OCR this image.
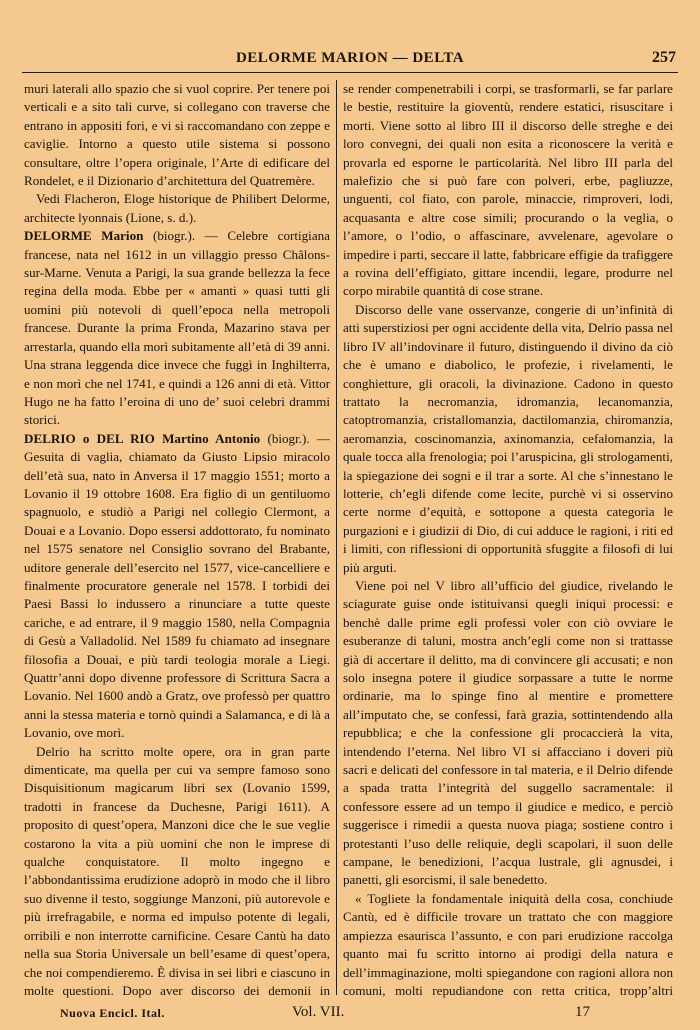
DELORME MARION — DELTA	257

muri laterali allo spazio che si vuol coprire. Per tenere poi verticali e a sito tali curve, si collegano con traverse che entrano in appositi fori, e vi si raccomandano con zeppe e caviglie. Intorno a questo utile sistema si possono consultare, oltre l’opera originale, l’Arte di edificare del Rondelet, e il Dizionario d’architettura del Quatremère.

Vedi Flacheron, Eloge historique de Philibert Delorme, architecte lyonnais (Lione, s. d.).

DELORME Marion (biogr.). — Celebre cortigiana francese, nata nel 1612 in un villaggio presso Châlons-sur-Marne. Venuta a Parigi, la sua grande bellezza la fece regina della moda. Ebbe per « amanti » quasi tutti gli uomini più notevoli di quell’epoca nella metropoli francese. Durante la prima Fronda, Mazarino stava per arrestarla, quando ella morì subitamente all’età di 39 anni. Una strana leggenda dice invece che fuggì in Inghilterra, e non morì che nel 1741, e quindi a 126 anni di età. Vittor Hugo ne ha fatto l’eroina di uno de’ suoi celebri drammi storici.

DELRIO o DEL RIO Martino Antonio (biogr.). — Gesuita di vaglia, chiamato da Giusto Lipsio miracolo dell’età sua, nato in Anversa il 17 maggio 1551; morto a Lovanio il 19 ottobre 1608. Era figlio di un gentiluomo spagnuolo, e studiò a Parigi nel collegio Clermont, a Douai e a Lovanio. Dopo essersi addottorato, fu nominato nel 1575 senatore nel Consiglio sovrano del Brabante, uditore generale dell’esercito nel 1577, vice-cancelliere e finalmente procuratore generale nel 1578. I torbidi dei Paesi Bassi lo indussero a rinunciare a tutte queste cariche, e ad entrare, il 9 maggio 1580, nella Compagnia di Gesù a Valladolid. Nel 1589 fu chiamato ad insegnare filosofia a Douai, e più tardi teologia morale a Liegi. Quattr’anni dopo divenne professore di Scrittura Sacra a Lovanio. Nel 1600 andò a Gratz, ove professò per quattro anni la stessa materia e tornò quindi a Salamanca, e di là a Lovanio, ove morì.

Delrio ha scritto molte opere, ora in gran parte dimenticate, ma quella per cui va sempre famoso sono Disquisitionum magicarum libri sex (Lovanio 1599, tradotti in francese da Duchesne, Parigi 1611). A proposito di quest’opera, Manzoni dice che le sue veglie costarono la vita a più uomini che non le imprese di qualche conquistatore. Il molto ingegno e l’abbondantissima erudizione adoprò in modo che il libro suo divenne il testo, soggiunge Manzoni, più autorevole e più irrefragabile, e norma ed impulso potente di legali, orribili e non interrotte carnificine. Cesare Cantù ha dato nella sua Storia Universale un bell’esame di quest’opera, che noi compendieremo. È divisa in sei libri e ciascuno in molte questioni. Dopo aver discorso dei demonii in

se render compenetrabili i corpi, se trasformarli, se far parlare le bestie, restituire la gioventù, rendere estatici, risuscitare i morti. Viene sotto al libro III il discorso delle streghe e dei loro convegni, dei quali non esita a riconoscere la verità e provarla ed esporne le particolarità. Nel libro III parla del malefizio che si può fare con polveri, erbe, pagliuzze, unguenti, col fiato, con parole, minaccie, rimproveri, lodi, acquasanta e altre cose simili; procurando o la veglia, o l’amore, o l’odio, o affascinare, avvelenare, agevolare o impedire i parti, seccare il latte, fabbricare effigie da trafiggere a rovina dell’effigiato, gittare incendii, legare, produrre nel corpo mirabile quantità di cose strane.

Discorso delle vane osservanze, congerie di un’infinità di atti superstiziosi per ogni accidente della vita, Delrio passa nel libro IV all’indovinare il futuro, distinguendo il divino da ciò che è umano e diabolico, le profezie, i rivelamenti, le conghietture, gli oracoli, la divinazione. Cadono in questo trattato la necromanzia, idromanzia, lecanomanzia, catoptromanzia, cristallomanzia, dactilomanzia, chiromanzia, aeromanzia, coscinomanzia, axinomanzia, cefalomanzia, la quale tocca alla frenologia; poi l’aruspicina, gli strologamenti, la spiegazione dei sogni e il trar a sorte. Al che s’innestano le lotterie, ch’egli difende come lecite, purchè vi si osservino certe norme d’equità, e sottopone a questa categoria le purgazioni e i giudizii di Dio, di cui adduce le ragioni, i riti ed i limiti, con riflessioni di opportunità sfuggite a filosofi di lui più arguti.

Viene poi nel V libro all’ufficio del giudice, rivelando le sciagurate guise onde istituivansi quegli iniqui processi: e benchè dalle prime egli professi voler con ciò ovviare le esuberanze di taluni, mostra anch’egli come non si trattasse già di accertare il delitto, ma di convincere gli accusati; e non solo insegna potere il giudice sorpassare a tutte le norme ordinarie, ma lo spinge fino al mentire e promettere all’imputato che, se confessi, farà grazia, sottintendendo alla repubblica; e che la confessione gli procaccierà la vita, intendendo l’eterna. Nel libro VI si affacciano i doveri più sacri e delicati del confessore in tal materia, e il Delrio difende a spada tratta l’integrità del suggello sacramentale: il confessore essere ad un tempo il giudice e medico, e perciò suggerisce i rimedii a questa nuova piaga; sostiene contro i protestanti l’uso delle reliquie, degli scapolari, il suon delle campane, le benedizioni, l’acqua lustrale, gli agnusdei, i panetti, gli esorcismi, il sale benedetto.

« Togliete la fondamentale iniquità della cosa, conchiude Cantù, ed è difficile trovare un trattato che con maggiore ampiezza esaurisca l’assunto, e con pari erudizione raccolga quanto mai fu scritto intorno ai prodigi della natura e dell’immaginazione, molti spiegandone con ragioni allora non comuni, molti repudiandone con retta critica, tropp’altri

Nuova Encicl. Ital.	Vol. VII.	17
